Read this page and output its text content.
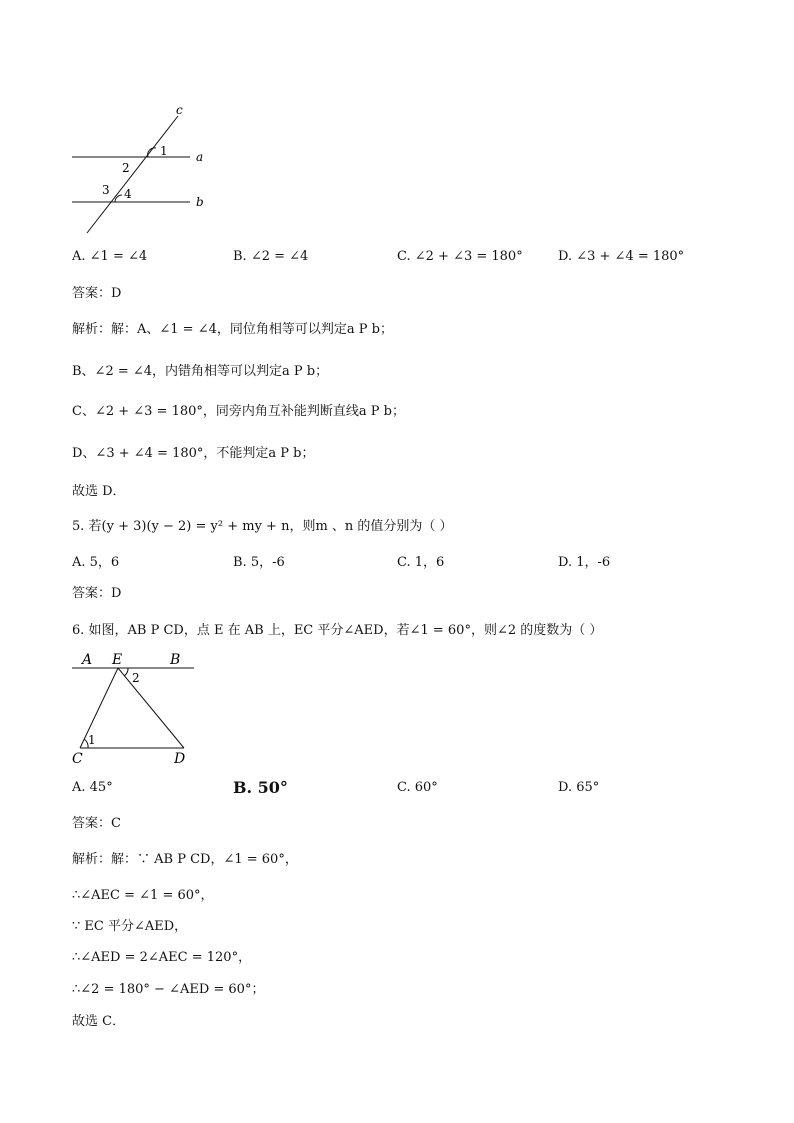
c
a
b
1
2
3 4
A. ∠1 = ∠4	B. ∠2 = ∠4	C. ∠2 + ∠3 = 180°	D. ∠3 + ∠4 = 180°
答案：D
解析：解：A、∠1 = ∠4，同位角相等可以判定a P b；
B、∠2 = ∠4，内错角相等可以判定a P b；
C、∠2 + ∠3 = 180°，同旁内角互补能判断直线a P b；
D、∠3 + ∠4 = 180°，不能判定a P b；
故选 D．
5. 若(y + 3)(y − 2) = y² + my + n，则m 、n 的值分别为（ ）
A. 5，6	B. 5，-6	C. 1，6	D. 1，-6
答案：D
6. 如图，AB P CD，点 E 在 AB 上，EC 平分∠AED，若∠1 = 60°，则∠2 的度数为（ ）
A E	B
C	D
1
2
A. 45°	B. 50°	C. 60°	D. 65°
答案：C
解析：解：∵ AB P CD，∠1 = 60°，
∴∠AEC = ∠1 = 60°，
∵ EC 平分∠AED，
∴∠AED = 2∠AEC = 120°，
∴∠2 = 180° − ∠AED = 60°；
故选 C．
